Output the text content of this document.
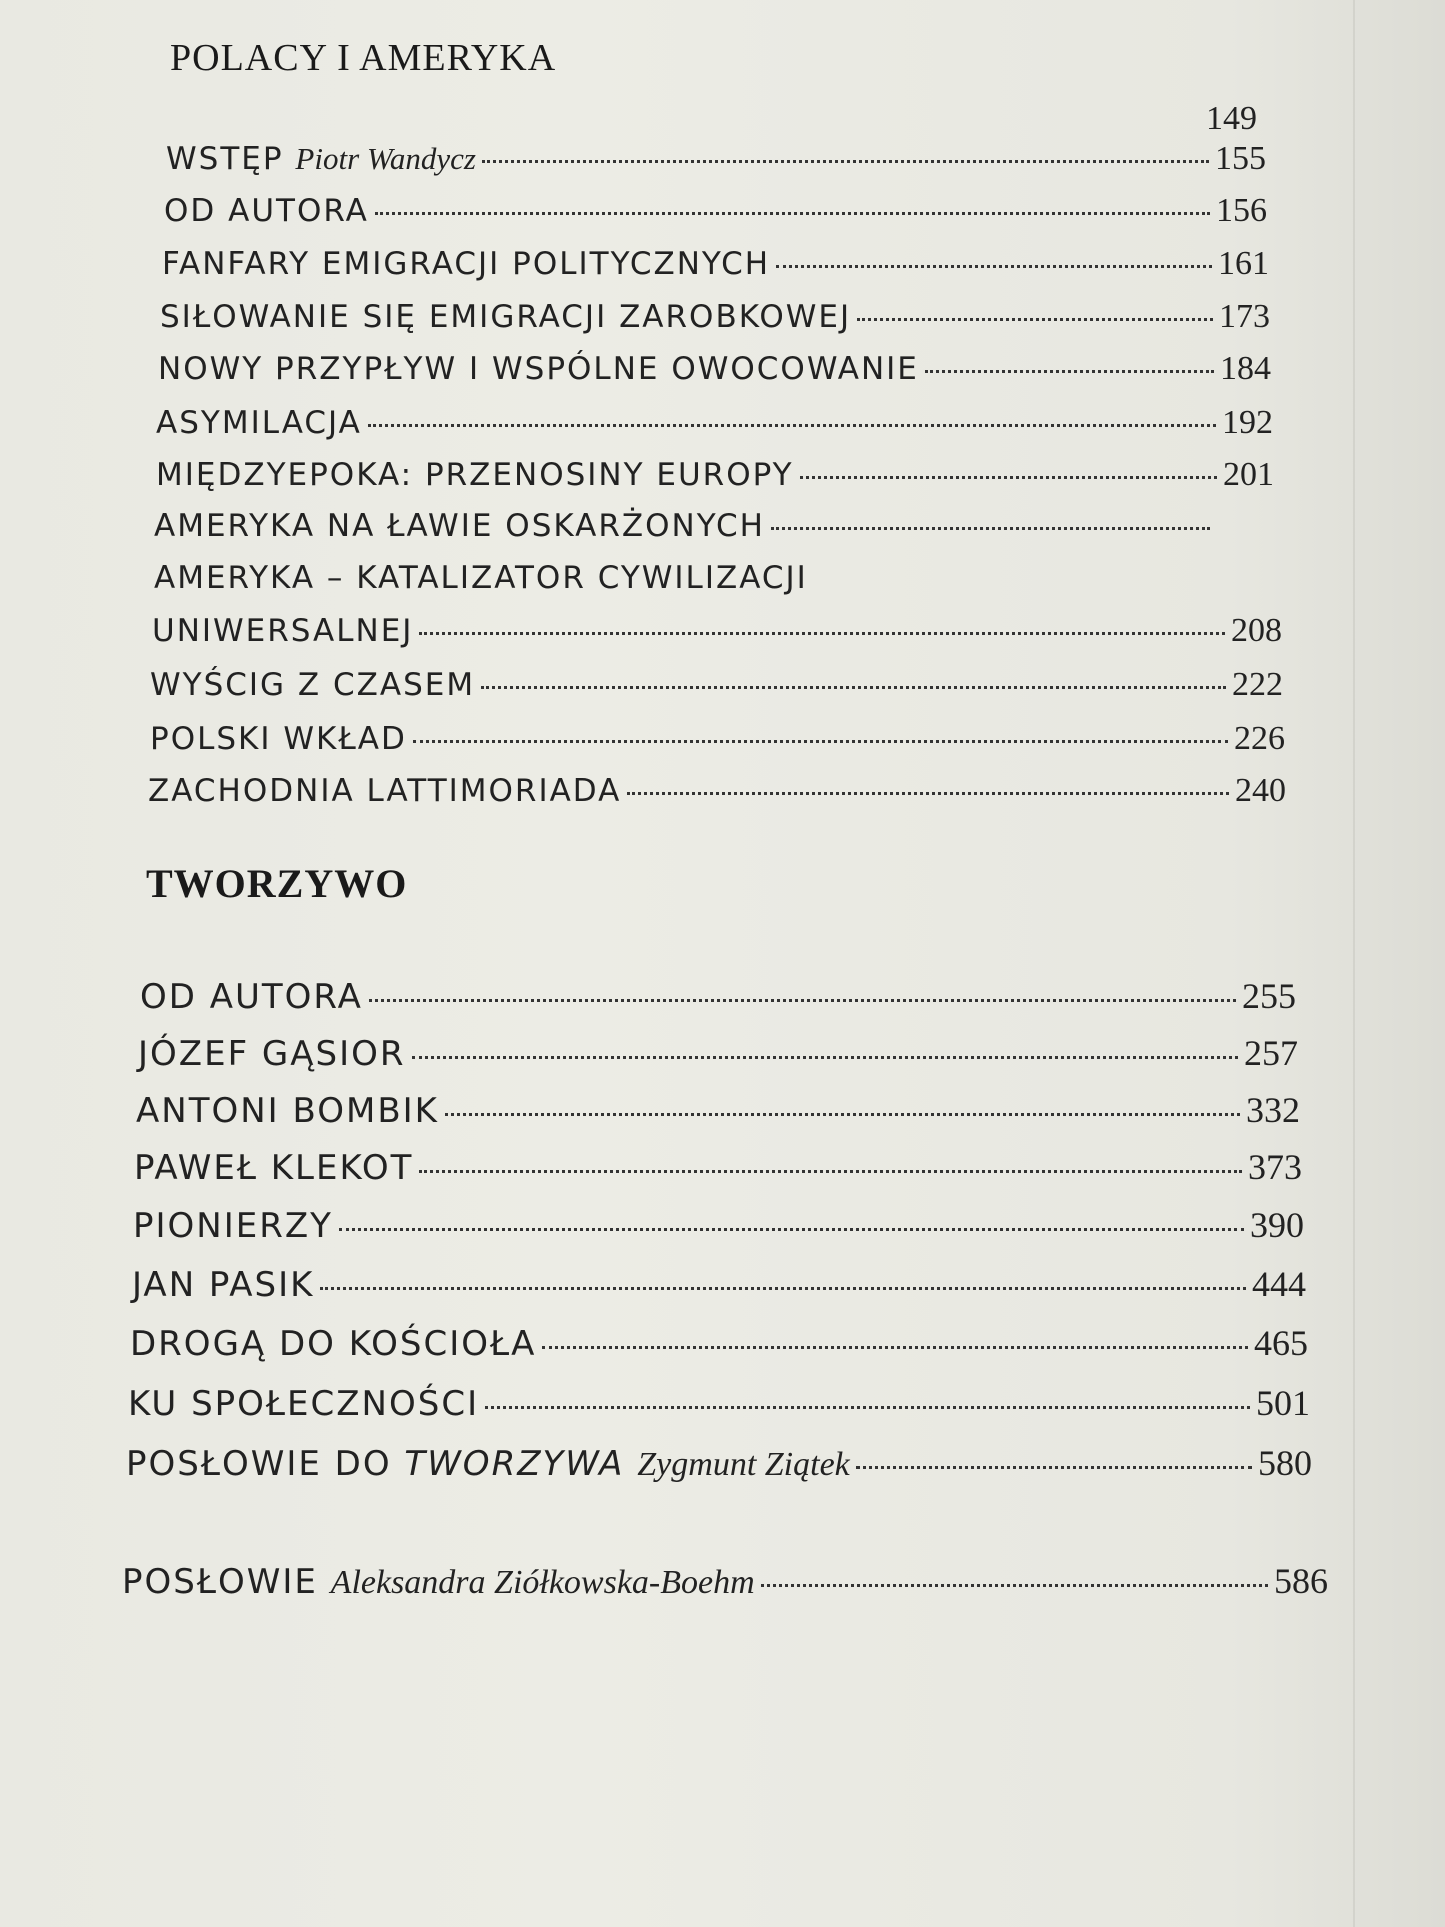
POLACY I AMERYKA
149
WSTĘP Piotr Wandycz	155
OD AUTORA	156
FANFARY EMIGRACJI POLITYCZNYCH	161
SIŁOWANIE SIĘ EMIGRACJI ZAROBKOWEJ	173
NOWY PRZYPŁYW I WSPÓLNE OWOCOWANIE	184
ASYMILACJA	192
MIĘDZYEPOKA: PRZENOSINY EUROPY	201
AMERYKA NA ŁAWIE OSKARŻONYCH
AMERYKA – KATALIZATOR CYWILIZACJI
UNIWERSALNEJ	208
WYŚCIG Z CZASEM	222
POLSKI WKŁAD	226
ZACHODNIA LATTIMORIADA	240
TWORZYWO
OD AUTORA	255
JÓZEF GĄSIOR	257
ANTONI BOMBIK	332
PAWEŁ KLEKOT	373
PIONIERZY	390
JAN PASIK	444
DROGĄ DO KOŚCIOŁA	465
KU SPOŁECZNOŚCI	501
POSŁOWIE DO TWORZYWA Zygmunt Ziątek	580
POSŁOWIE Aleksandra Ziółkowska-Boehm	586
